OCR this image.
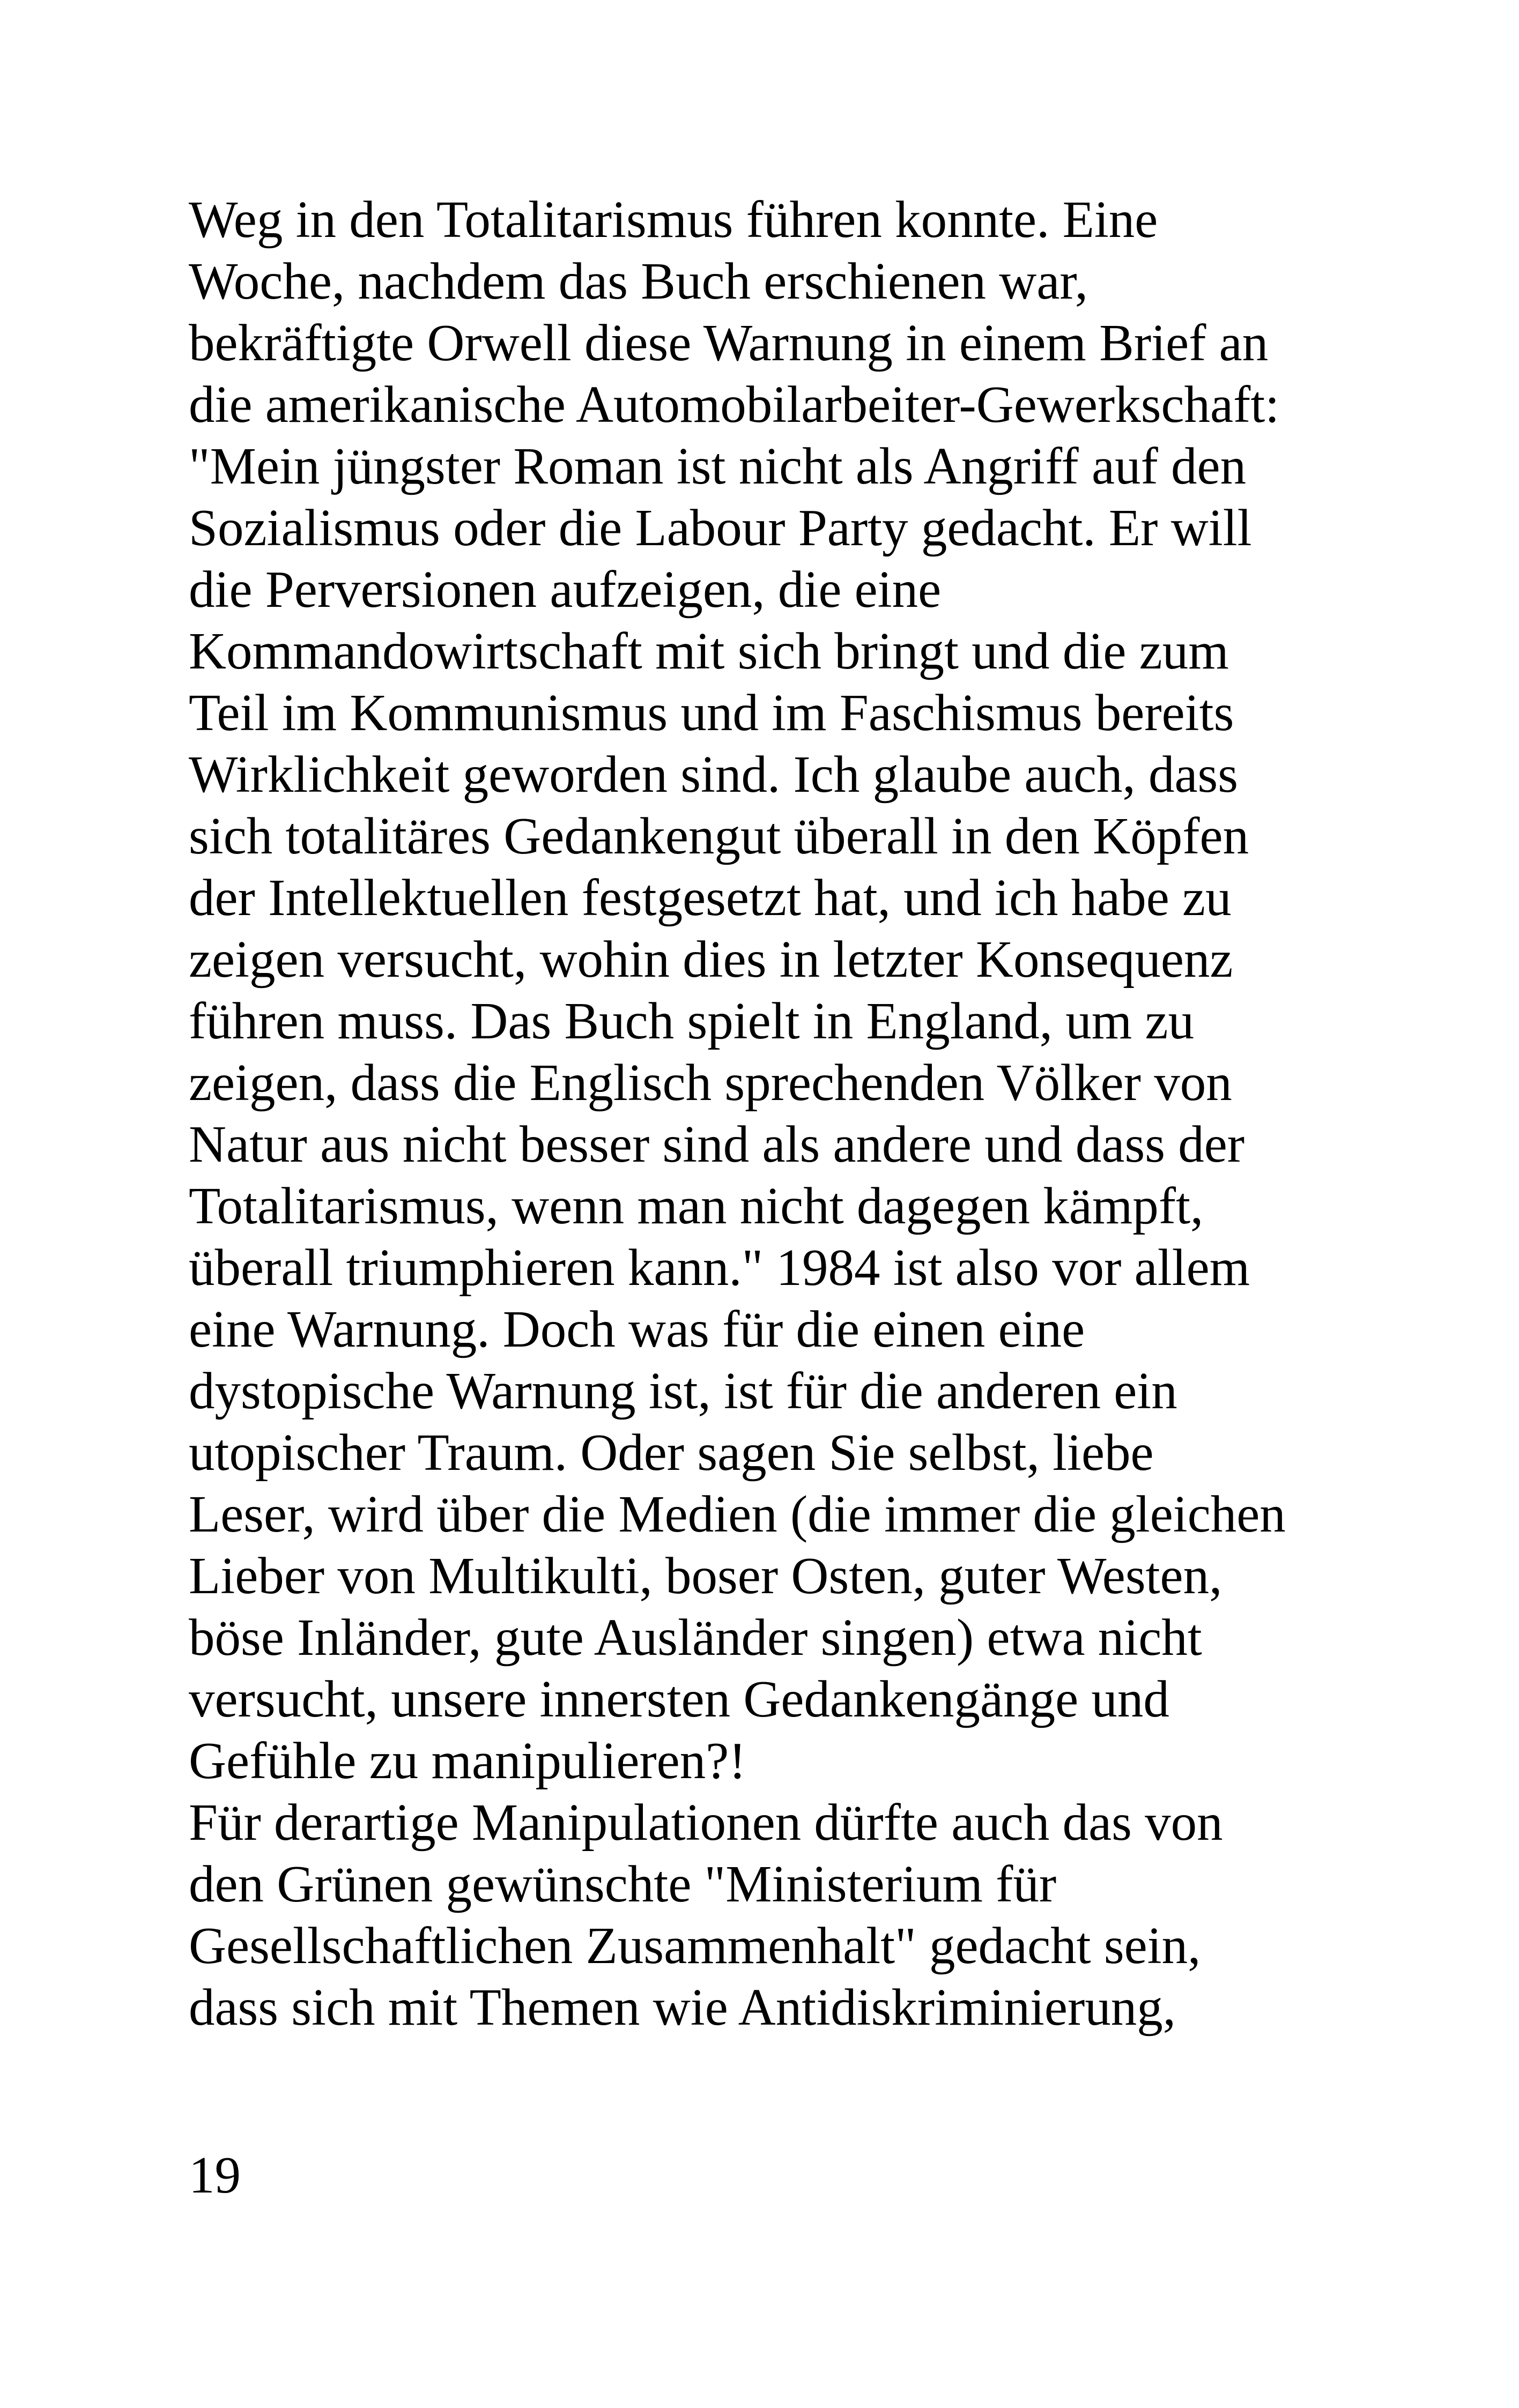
Weg in den Totalitarismus führen konnte. Eine
Woche, nachdem das Buch erschienen war,
bekräftigte Orwell diese Warnung in einem Brief an
die amerikanische Automobilarbeiter-Gewerkschaft:
"Mein jüngster Roman ist nicht als Angriff auf den
Sozialismus oder die Labour Party gedacht. Er will
die Perversionen aufzeigen, die eine
Kommandowirtschaft mit sich bringt und die zum
Teil im Kommunismus und im Faschismus bereits
Wirklichkeit geworden sind. Ich glaube auch, dass
sich totalitäres Gedankengut überall in den Köpfen
der Intellektuellen festgesetzt hat, und ich habe zu
zeigen versucht, wohin dies in letzter Konsequenz
führen muss. Das Buch spielt in England, um zu
zeigen, dass die Englisch sprechenden Völker von
Natur aus nicht besser sind als andere und dass der
Totalitarismus, wenn man nicht dagegen kämpft,
überall triumphieren kann." 1984 ist also vor allem
eine Warnung. Doch was für die einen eine
dystopische Warnung ist, ist für die anderen ein
utopischer Traum. Oder sagen Sie selbst, liebe
Leser, wird über die Medien (die immer die gleichen
Lieber von Multikulti, boser Osten, guter Westen,
böse Inländer, gute Ausländer singen) etwa nicht
versucht, unsere innersten Gedankengänge und
Gefühle zu manipulieren?!
Für derartige Manipulationen dürfte auch das von
den Grünen gewünschte "Ministerium für
Gesellschaftlichen Zusammenhalt" gedacht sein,
dass sich mit Themen wie Antidiskriminierung,
19
